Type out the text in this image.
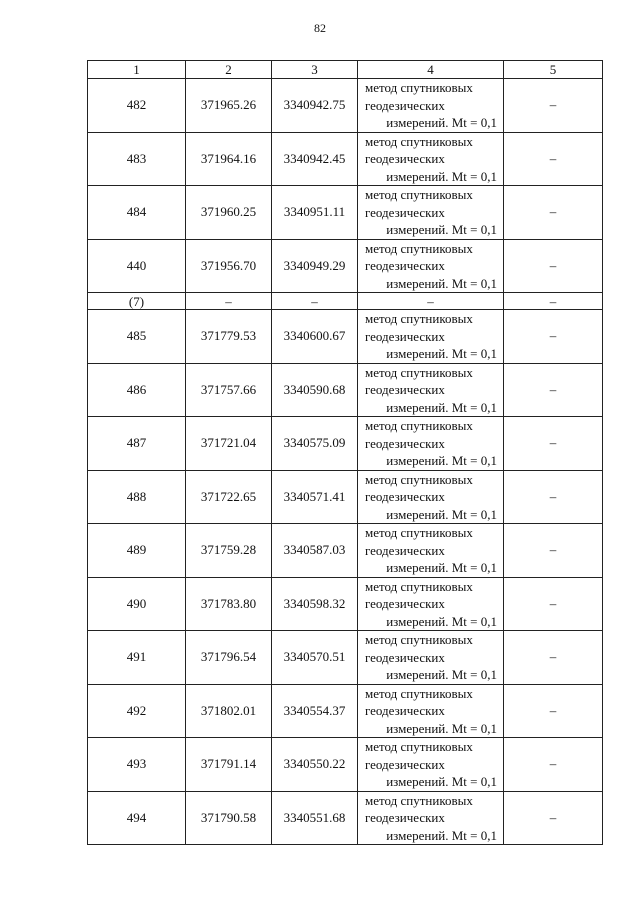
82
1	2	3	4	5
482	371965.26	3340942.75	метод спутниковых
геодезических
измерений. Mt = 0,1	–
483	371964.16	3340942.45	метод спутниковых
геодезических
измерений. Mt = 0,1	–
484	371960.25	3340951.11	метод спутниковых
геодезических
измерений. Mt = 0,1	–
440	371956.70	3340949.29	метод спутниковых
геодезических
измерений. Mt = 0,1	–
(7)	–	–	–	–
485	371779.53	3340600.67	метод спутниковых
геодезических
измерений. Mt = 0,1	–
486	371757.66	3340590.68	метод спутниковых
геодезических
измерений. Mt = 0,1	–
487	371721.04	3340575.09	метод спутниковых
геодезических
измерений. Mt = 0,1	–
488	371722.65	3340571.41	метод спутниковых
геодезических
измерений. Mt = 0,1	–
489	371759.28	3340587.03	метод спутниковых
геодезических
измерений. Mt = 0,1	–
490	371783.80	3340598.32	метод спутниковых
геодезических
измерений. Mt = 0,1	–
491	371796.54	3340570.51	метод спутниковых
геодезических
измерений. Mt = 0,1	–
492	371802.01	3340554.37	метод спутниковых
геодезических
измерений. Mt = 0,1	–
493	371791.14	3340550.22	метод спутниковых
геодезических
измерений. Mt = 0,1	–
494	371790.58	3340551.68	метод спутниковых
геодезических
измерений. Mt = 0,1	–
